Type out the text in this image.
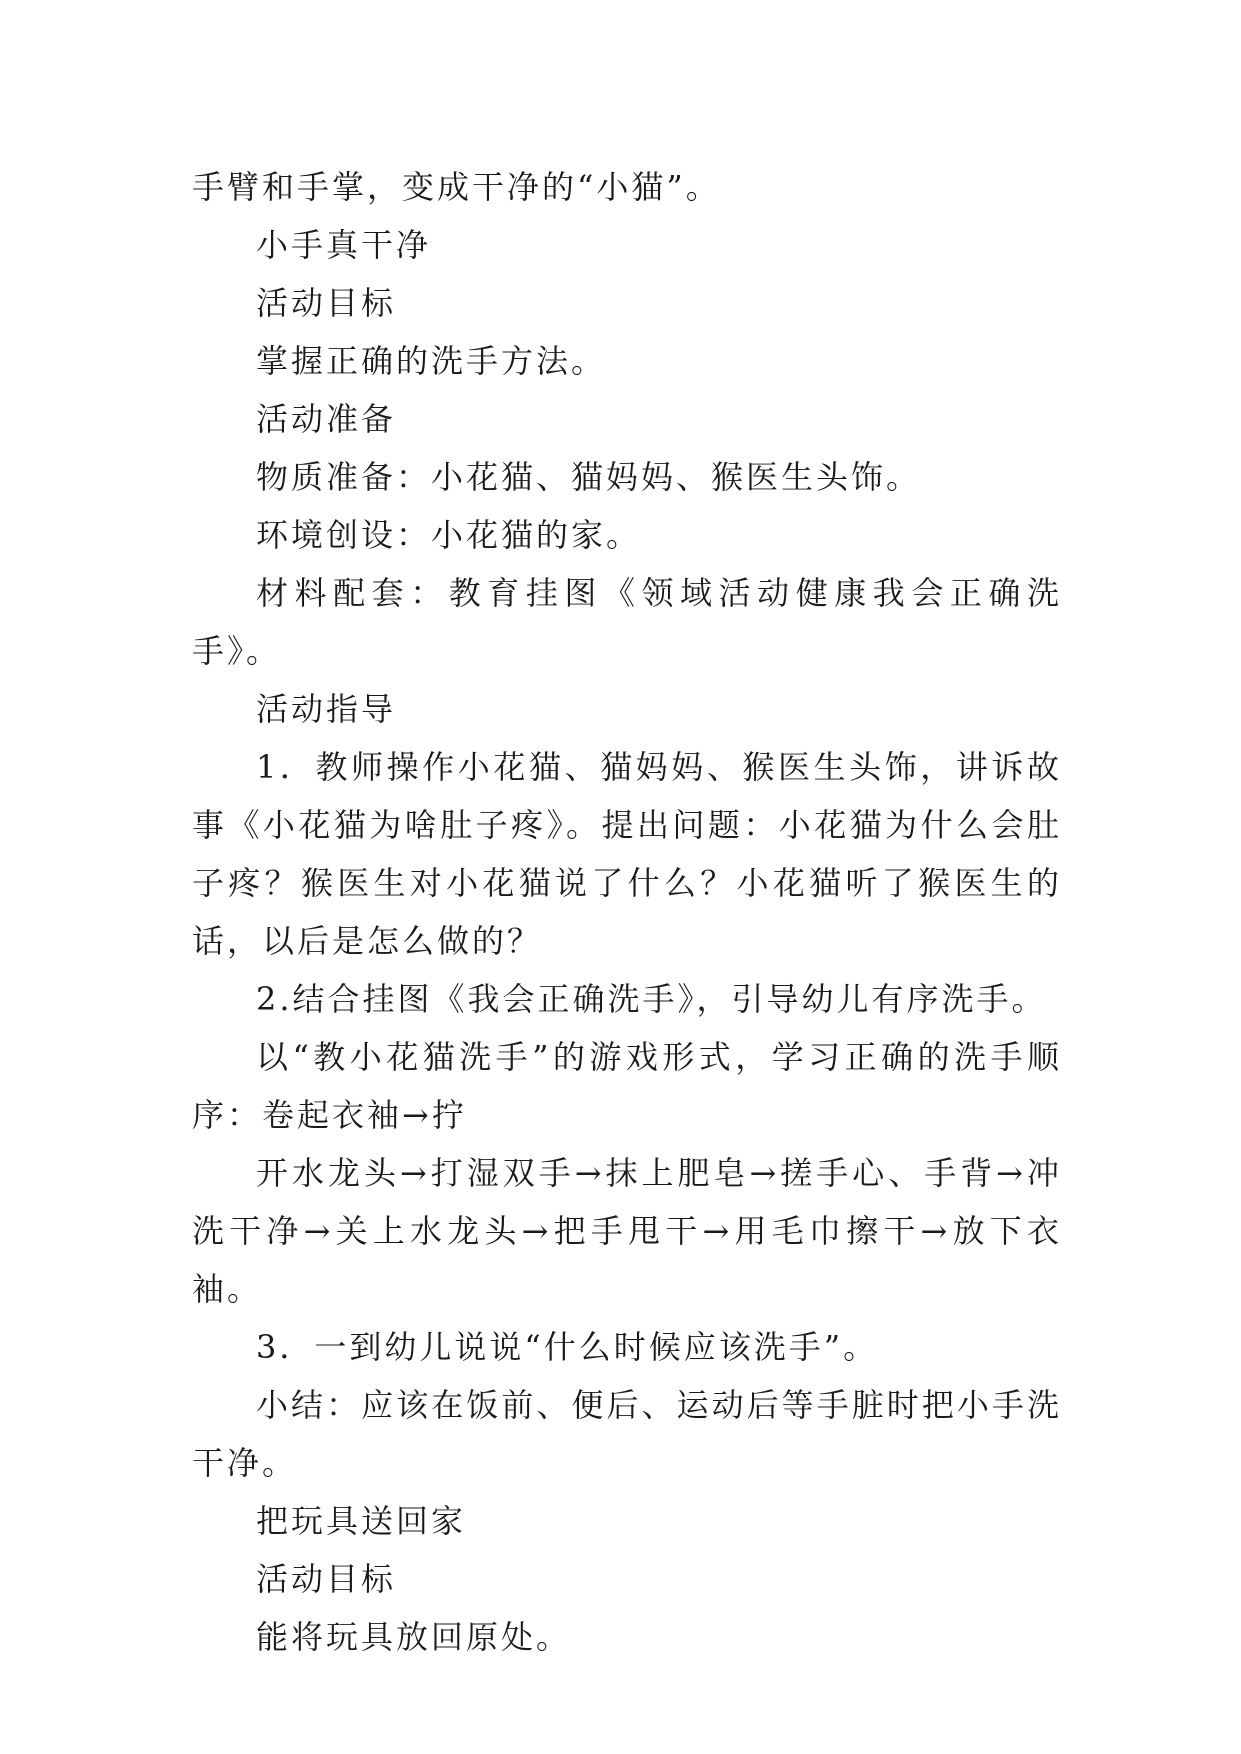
手臂和手掌，变成干净的“小猫”。

小手真干净

活动目标

掌握正确的洗手方法。

活动准备

物质准备：小花猫、猫妈妈、猴医生头饰。

环境创设：小花猫的家。

材料配套：教育挂图《领域活动健康我会正确洗手》。

活动指导

1．教师操作小花猫、猫妈妈、猴医生头饰，讲诉故事《小花猫为啥肚子疼》。提出问题：小花猫为什么会肚子疼？猴医生对小花猫说了什么？小花猫听了猴医生的话，以后是怎么做的？

2.结合挂图《我会正确洗手》，引导幼儿有序洗手。

以“教小花猫洗手”的游戏形式，学习正确的洗手顺序：卷起衣袖→拧

开水龙头→打湿双手→抹上肥皂→搓手心、手背→冲洗干净→关上水龙头→把手甩干→用毛巾擦干→放下衣袖。

3．一到幼儿说说“什么时候应该洗手”。

小结：应该在饭前、便后、运动后等手脏时把小手洗干净。

把玩具送回家

活动目标

能将玩具放回原处。
